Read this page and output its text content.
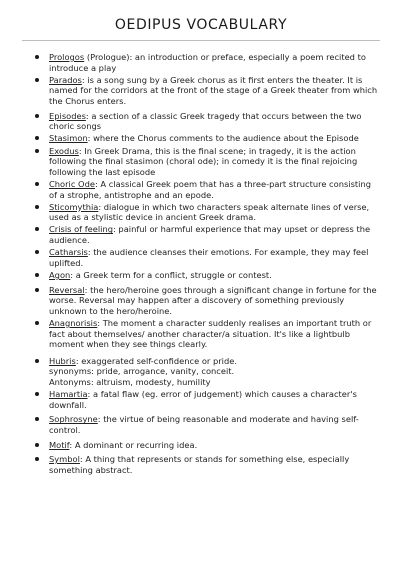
OEDIPUS VOCABULARY
Prologos (Prologue): an introduction or preface, especially a poem recited to introduce a play
Parados: is a song sung by a Greek chorus as it first enters the theater. It is named for the corridors at the front of the stage of a Greek theater from which the Chorus enters.
Episodes: a section of a classic Greek tragedy that occurs between the two choric songs
Stasimon: where the Chorus comments to the audience about the Episode
Exodus: In Greek Drama, this is the final scene; in tragedy, it is the action following the final stasimon (choral ode); in comedy it is the final rejoicing following the last episode
Choric Ode: A classical Greek poem that has a three-part structure consisting of a strophe, antistrophe and an epode.
Sticomythia: dialogue in which two characters speak alternate lines of verse, used as a stylistic device in ancient Greek drama.
Crisis of feeling: painful or harmful experience that may upset or depress the audience.
Catharsis: the audience cleanses their emotions. For example, they may feel uplifted.
Agon: a Greek term for a conflict, struggle or contest.
Reversal: the hero/heroine goes through a significant change in fortune for the worse. Reversal may happen after a discovery of something previously unknown to the hero/heroine.
Anagnorisis: The moment a character suddenly realises an important truth or fact about themselves/ another character/a situation. It's like a lightbulb moment when they see things clearly.
Hubris: exaggerated self-confidence or pride.
synonyms: pride, arrogance, vanity, conceit.
Antonyms: altruism, modesty, humility
Hamartia: a fatal flaw (eg. error of judgement) which causes a character's downfall.
Sophrosyne: the virtue of being reasonable and moderate and having self-control.
Motif: A dominant or recurring idea.
Symbol: A thing that represents or stands for something else, especially something abstract.
